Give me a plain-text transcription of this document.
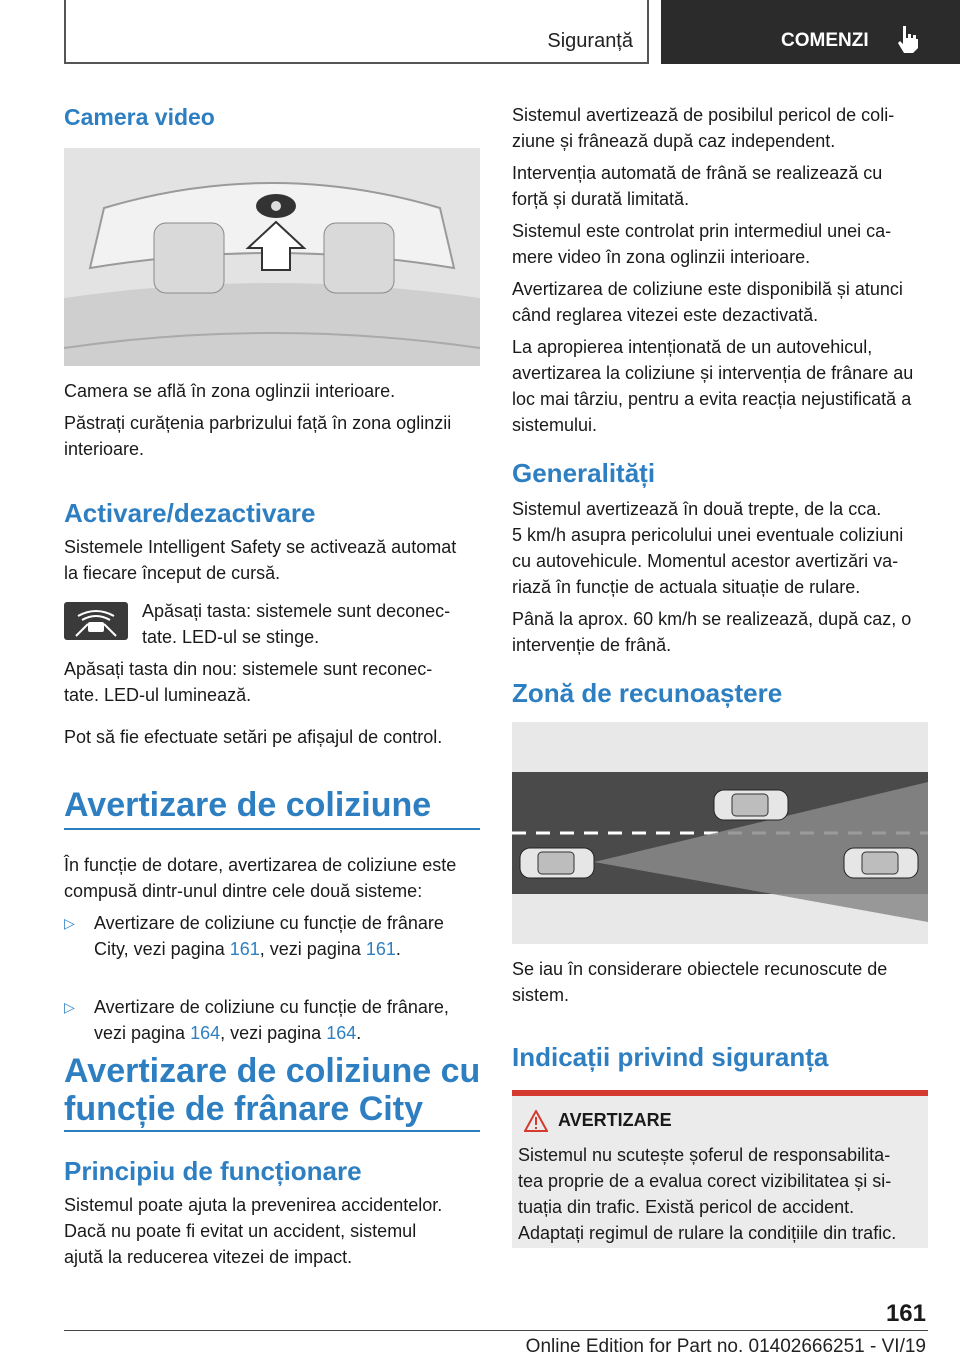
Siguranță	COMENZI
Camera video

Camera se află în zona oglinzii interioare.

Păstrați curățenia parbrizului față în zona oglinzii

interioare.

Activare/dezactivare

Sistemele Intelligent Safety se activează automat

la fiecare început de cursă.

Apăsați tasta: sistemele sunt deconec-

tate. LED-ul se stinge.

Apăsați tasta din nou: sistemele sunt reconec-

tate. LED-ul luminează.

Pot să fie efectuate setări pe afișajul de control.

Avertizare de coliziune

În funcție de dotare, avertizarea de coliziune este

compusă dintr-unul dintre cele două sisteme:

▷ Avertizare de coliziune cu funcție de frânare
City, vezi pagina 161, vezi pagina 161.
▷ Avertizare de coliziune cu funcție de frânare,
vezi pagina 164, vezi pagina 164.
Avertizare de coliziune cu
funcție de frânare City
Principiu de funcționare

Sistemul poate ajuta la prevenirea accidentelor.

Dacă nu poate fi evitat un accident, sistemul

ajută la reducerea vitezei de impact.

Sistemul avertizează de posibilul pericol de coli-

ziune și frânează după caz independent.

Intervenția automată de frână se realizează cu

forță și durată limitată.

Sistemul este controlat prin intermediul unei ca-

mere video în zona oglinzii interioare.

Avertizarea de coliziune este disponibilă și atunci

când reglarea vitezei este dezactivată.

La apropierea intenționată de un autovehicul,

avertizarea la coliziune și intervenția de frânare au

loc mai târziu, pentru a evita reacția nejustificată a

sistemului.

Generalități

Sistemul avertizează în două trepte, de la cca.

5 km/h asupra pericolului unei eventuale coliziuni

cu autovehicule. Momentul acestor avertizări va-

riază în funcție de actuala situație de rulare.

Până la aprox. 60 km/h se realizează, după caz, o

intervenție de frână.

Zonă de recunoaștere

Se iau în considerare obiectele recunoscute de

sistem.

Indicații privind siguranța
AVERTIZARE

Sistemul nu scutește șoferul de responsabilita-

tea proprie de a evalua corect vizibilitatea și si-

tuația din trafic. Există pericol de accident.

Adaptați regimul de rulare la condițiile din trafic.

161
Online Edition for Part no. 01402666251 - VI/19
